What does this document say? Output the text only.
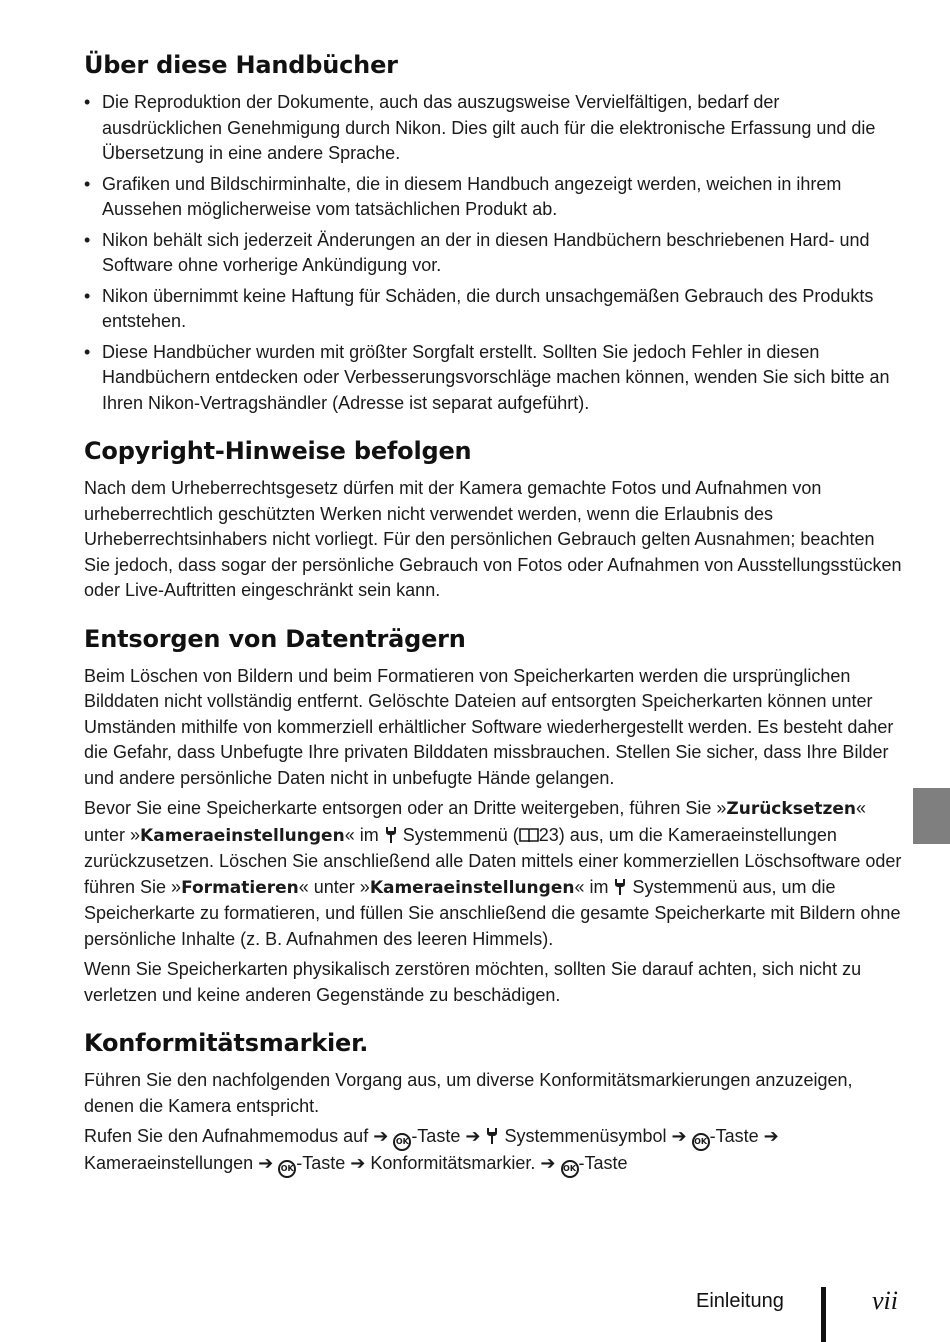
Über diese Handbücher
• Die Reproduktion der Dokumente, auch das auszugsweise Vervielfältigen, bedarf der ausdrücklichen Genehmigung durch Nikon. Dies gilt auch für die elektronische Erfassung und die Übersetzung in eine andere Sprache.
• Grafiken und Bildschirminhalte, die in diesem Handbuch angezeigt werden, weichen in ihrem Aussehen möglicherweise vom tatsächlichen Produkt ab.
• Nikon behält sich jederzeit Änderungen an der in diesen Handbüchern beschriebenen Hard- und Software ohne vorherige Ankündigung vor.
• Nikon übernimmt keine Haftung für Schäden, die durch unsachgemäßen Gebrauch des Produkts entstehen.
• Diese Handbücher wurden mit größter Sorgfalt erstellt. Sollten Sie jedoch Fehler in diesen Handbüchern entdecken oder Verbesserungsvorschläge machen können, wenden Sie sich bitte an Ihren Nikon-Vertragshändler (Adresse ist separat aufgeführt).
Copyright-Hinweise befolgen

Nach dem Urheberrechtsgesetz dürfen mit der Kamera gemachte Fotos und Aufnahmen von urheberrechtlich geschützten Werken nicht verwendet werden, wenn die Erlaubnis des Urheberrechtsinhabers nicht vorliegt. Für den persönlichen Gebrauch gelten Ausnahmen; beachten Sie jedoch, dass sogar der persönliche Gebrauch von Fotos oder Aufnahmen von Ausstellungsstücken oder Live-Auftritten eingeschränkt sein kann.

Entsorgen von Datenträgern

Beim Löschen von Bildern und beim Formatieren von Speicherkarten werden die ursprünglichen Bilddaten nicht vollständig entfernt. Gelöschte Dateien auf entsorgten Speicherkarten können unter Umständen mithilfe von kommerziell erhältlicher Software wiederhergestellt werden. Es besteht daher die Gefahr, dass Unbefugte Ihre privaten Bilddaten missbrauchen. Stellen Sie sicher, dass Ihre Bilder und andere persönliche Daten nicht in unbefugte Hände gelangen.

Bevor Sie eine Speicherkarte entsorgen oder an Dritte weitergeben, führen Sie »Zurücksetzen« unter »Kameraeinstellungen« im  Systemmenü ( 23) aus, um die Kameraeinstellungen zurückzusetzen. Löschen Sie anschließend alle Daten mittels einer kommerziellen Löschsoftware oder führen Sie »Formatieren« unter »Kameraeinstellungen« im  Systemmenü aus, um die Speicherkarte zu formatieren, und füllen Sie anschließend die gesamte Speicherkarte mit Bildern ohne persönliche Inhalte (z. B. Aufnahmen des leeren Himmels).

Wenn Sie Speicherkarten physikalisch zerstören möchten, sollten Sie darauf achten, sich nicht zu verletzen und keine anderen Gegenstände zu beschädigen.

Konformitätsmarkier.

Führen Sie den nachfolgenden Vorgang aus, um diverse Konformitätsmarkierungen anzuzeigen, denen die Kamera entspricht.

Rufen Sie den Aufnahmemodus auf ➔ OK -Taste ➔  Systemmenüsymbol ➔ OK -Taste ➔ Kameraeinstellungen ➔ OK -Taste ➔ Konformitätsmarkier. ➔ OK -Taste

Einleitung	vii
